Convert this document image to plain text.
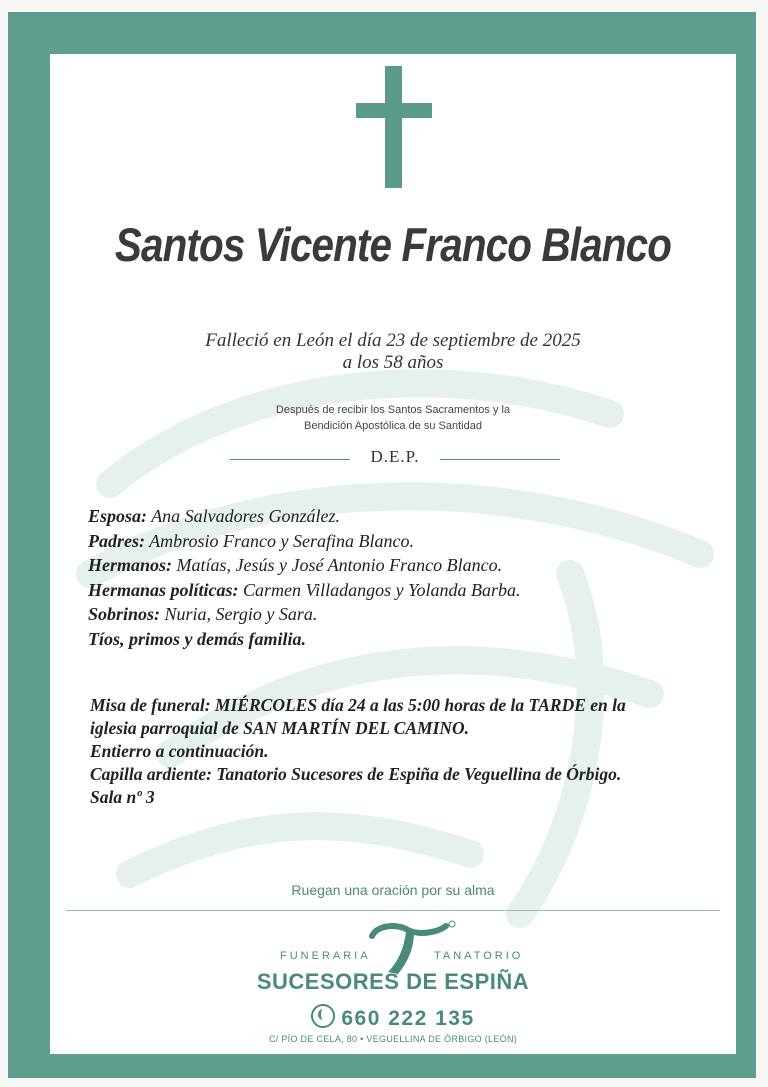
Santos Vicente Franco Blanco
Falleció en León el día 23 de septiembre de 2025
a los 58 años
Después de recibir los Santos Sacramentos y la
Bendición Apostólica de su Santidad
D.E.P.
Esposa: Ana Salvadores González.
Padres: Ambrosio Franco y Serafina Blanco.
Hermanos: Matías, Jesús y José Antonio Franco Blanco.
Hermanas políticas: Carmen Villadangos y Yolanda Barba.
Sobrinos: Nuria, Sergio y Sara.
Tíos, primos y demás familia.
Misa de funeral: MIÉRCOLES día 24 a las 5:00 horas de la TARDE en la
iglesia parroquial de SAN MARTÍN DEL CAMINO.
Entierro a continuación.
Capilla ardiente: Tanatorio Sucesores de Espiña de Veguellina de Órbigo.
Sala nº 3
Ruegan una oración por su alma
FUNERARIA	TANATORIO
SUCESORES DE ESPIÑA
660 222 135
C/ PÍO DE CELA, 80 • VEGUELLINA DE ÓRBIGO (LEÓN)
